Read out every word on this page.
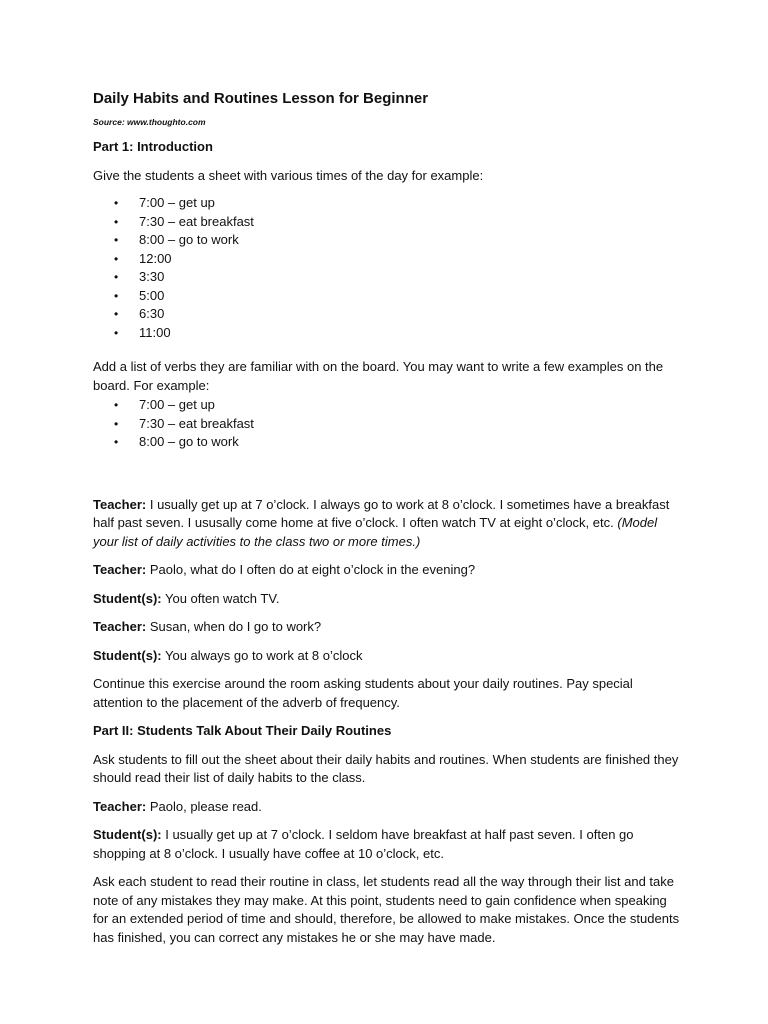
Daily Habits and Routines Lesson for Beginner
Source: www.thoughto.com
Part 1: Introduction

Give the students a sheet with various times of the day for example:

• 7:00 – get up
• 7:30 – eat breakfast
• 8:00 – go to work
• 12:00
• 3:30
• 5:00
• 6:30
• 11:00

Add a list of verbs they are familiar with on the board. You may want to write a few examples on the board. For example:

• 7:00 – get up
• 7:30 – eat breakfast
• 8:00 – go to work

Teacher: I usually get up at 7 o’clock. I always go to work at 8 o’clock. I sometimes have a breakfast half past seven. I ususally come home at five o’clock. I often watch TV at eight o’clock, etc. (Model your list of daily activities to the class two or more times.)

Teacher: Paolo, what do I often do at eight o’clock in the evening?

Student(s): You often watch TV.

Teacher: Susan, when do I go to work?

Student(s): You always go to work at 8 o’clock

Continue this exercise around the room asking students about your daily routines. Pay special attention to the placement of the adverb of frequency.

Part II: Students Talk About Their Daily Routines

Ask students to fill out the sheet about their daily habits and routines. When students are finished they should read their list of daily habits to the class.

Teacher: Paolo, please read.

Student(s): I usually get up at 7 o’clock. I seldom have breakfast at half past seven. I often go shopping at 8 o’clock. I usually have coffee at 10 o’clock, etc.

Ask each student to read their routine in class, let students read all the way through their list and take note of any mistakes they may make. At this point, students need to gain confidence when speaking for an extended period of time and should, therefore, be allowed to make mistakes. Once the students has finished, you can correct any mistakes he or she may have made.
